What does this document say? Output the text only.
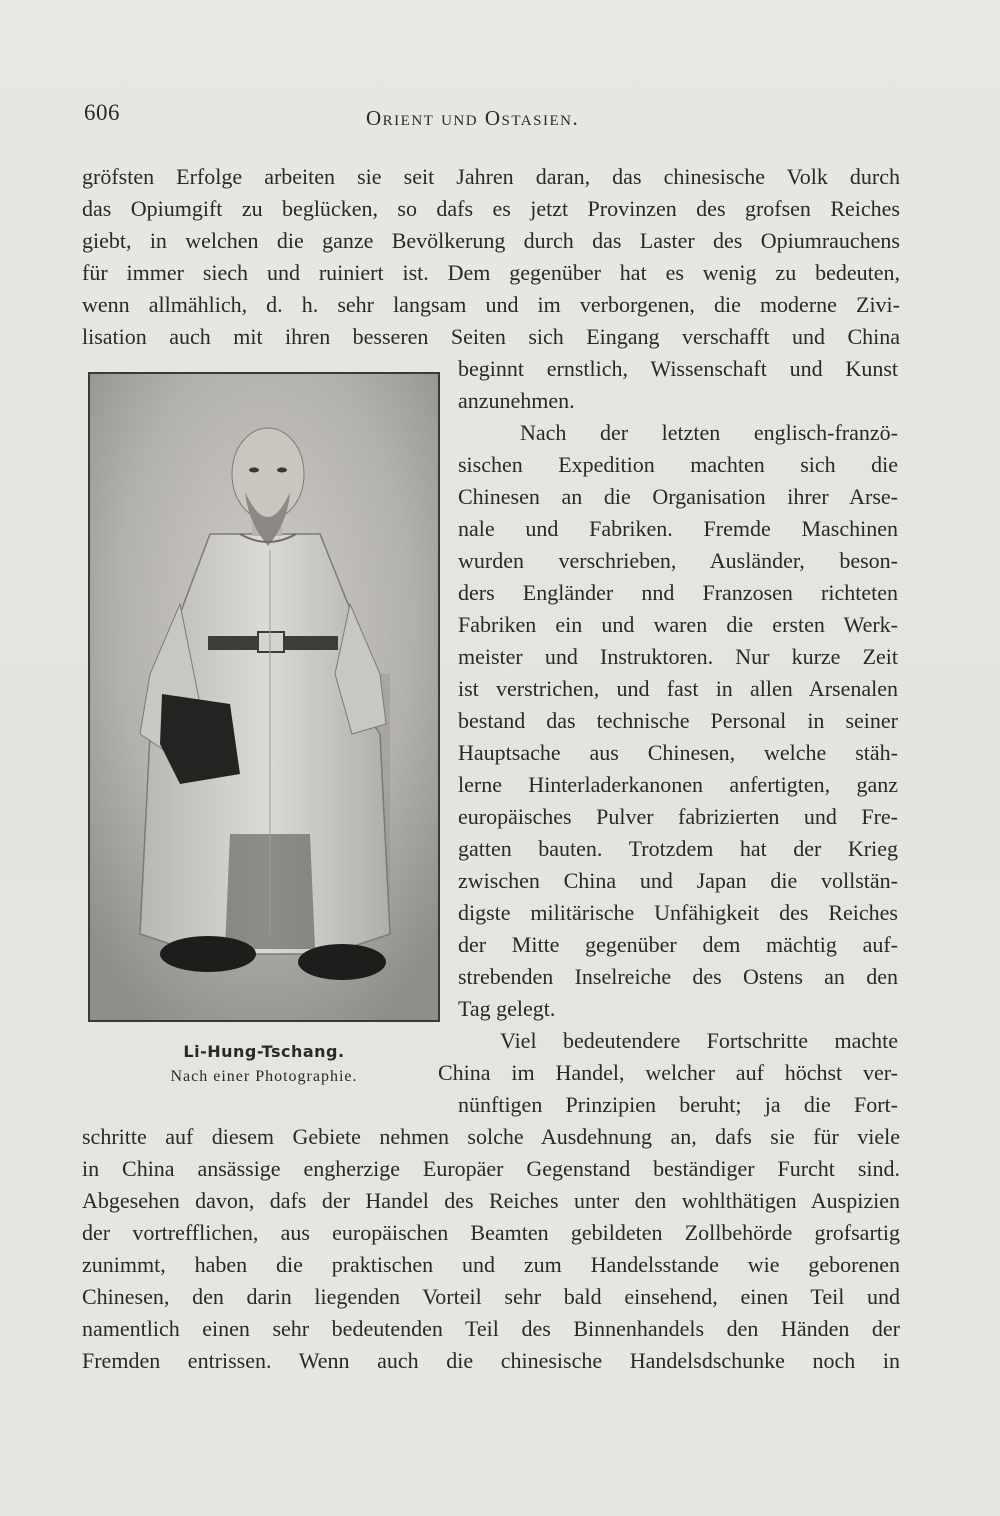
606	Orient und Ostasien.
gröfsten Erfolge arbeiten sie seit Jahren daran, das chinesische Volk durch
das Opiumgift zu beglücken, so dafs es jetzt Provinzen des grofsen Reiches
giebt, in welchen die ganze Bevölkerung durch das Laster des Opiumrauchens
für immer siech und ruiniert ist. Dem gegenüber hat es wenig zu bedeuten,
wenn allmählich, d. h. sehr langsam und im verborgenen, die moderne Zivi-
lisation auch mit ihren besseren Seiten sich Eingang verschafft und China
beginnt ernstlich, Wissenschaft und Kunst
anzunehmen.
Nach der letzten englisch-franzö-
sischen Expedition machten sich die
Chinesen an die Organisation ihrer Arse-
nale und Fabriken. Fremde Maschinen
wurden verschrieben, Ausländer, beson-
ders Engländer nnd Franzosen richteten
Fabriken ein und waren die ersten Werk-
meister und Instruktoren. Nur kurze Zeit
ist verstrichen, und fast in allen Arsenalen
bestand das technische Personal in seiner
Hauptsache aus Chinesen, welche stäh-
lerne Hinterladerkanonen anfertigten, ganz
europäisches Pulver fabrizierten und Fre-
gatten bauten. Trotzdem hat der Krieg
zwischen China und Japan die vollstän-
digste militärische Unfähigkeit des Reiches
der Mitte gegenüber dem mächtig auf-
strebenden Inselreiche des Ostens an den
Tag gelegt.
Viel bedeutendere Fortschritte machte
China im Handel, welcher auf höchst ver-
nünftigen Prinzipien beruht; ja die Fort-
schritte auf diesem Gebiete nehmen solche Ausdehnung an, dafs sie für viele
in China ansässige engherzige Europäer Gegenstand beständiger Furcht sind.
Abgesehen davon, dafs der Handel des Reiches unter den wohlthätigen Auspizien
der vortrefflichen, aus europäischen Beamten gebildeten Zollbehörde grofsartig
zunimmt, haben die praktischen und zum Handelsstande wie geborenen
Chinesen, den darin liegenden Vorteil sehr bald einsehend, einen Teil und
namentlich einen sehr bedeutenden Teil des Binnenhandels den Händen der
Fremden entrissen. Wenn auch die chinesische Handelsdschunke noch in
Li-Hung-Tschang.
Nach einer Photographie.
